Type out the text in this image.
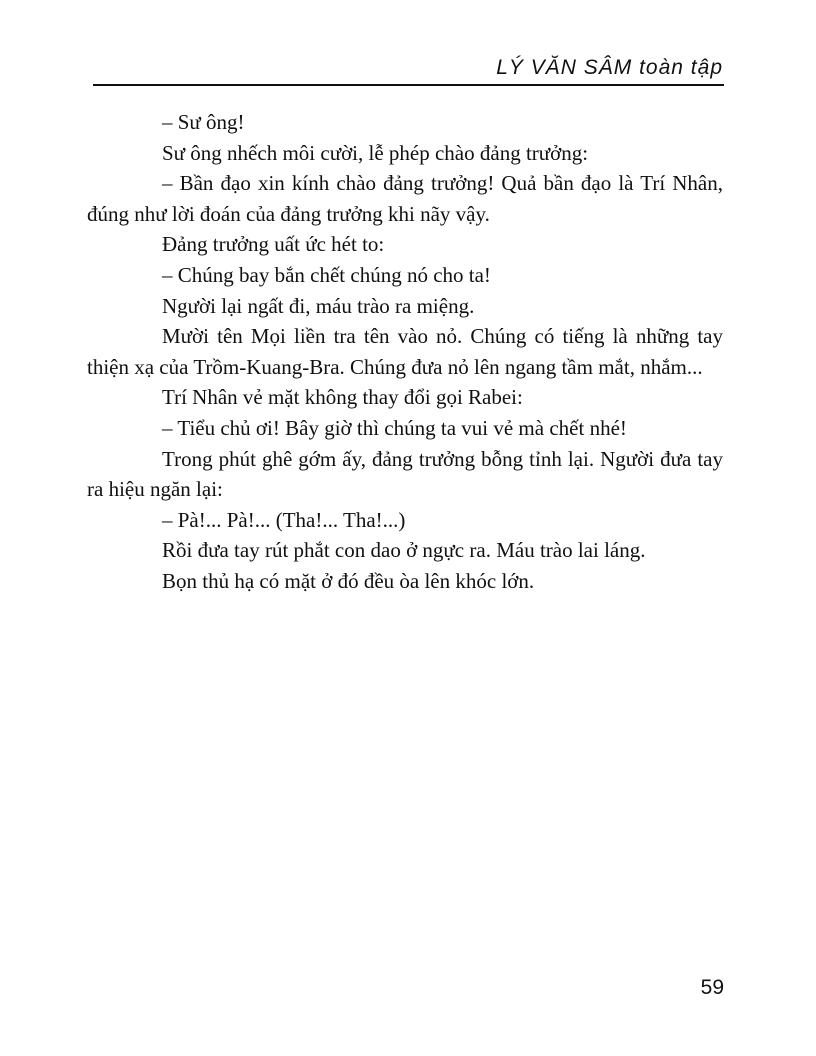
LÝ VĂN SÂM toàn tập

– Sư ông!

Sư ông nhếch môi cười, lễ phép chào đảng trưởng:

– Bần đạo xin kính chào đảng trưởng! Quả bần đạo là Trí Nhân, đúng như lời đoán của đảng trưởng khi nãy vậy.

Đảng trưởng uất ức hét to:

– Chúng bay bắn chết chúng nó cho ta!

Người lại ngất đi, máu trào ra miệng.

Mười tên Mọi liền tra tên vào nỏ. Chúng có tiếng là những tay thiện xạ của Trồm-Kuang-Bra. Chúng đưa nỏ lên ngang tầm mắt, nhắm...

Trí Nhân vẻ mặt không thay đổi gọi Rabei:

– Tiểu chủ ơi! Bây giờ thì chúng ta vui vẻ mà chết nhé!

Trong phút ghê gớm ấy, đảng trưởng bỗng tỉnh lại. Người đưa tay ra hiệu ngăn lại:

– Pà!... Pà!... (Tha!... Tha!...)

Rồi đưa tay rút phắt con dao ở ngực ra. Máu trào lai láng.

Bọn thủ hạ có mặt ở đó đều òa lên khóc lớn.

59
